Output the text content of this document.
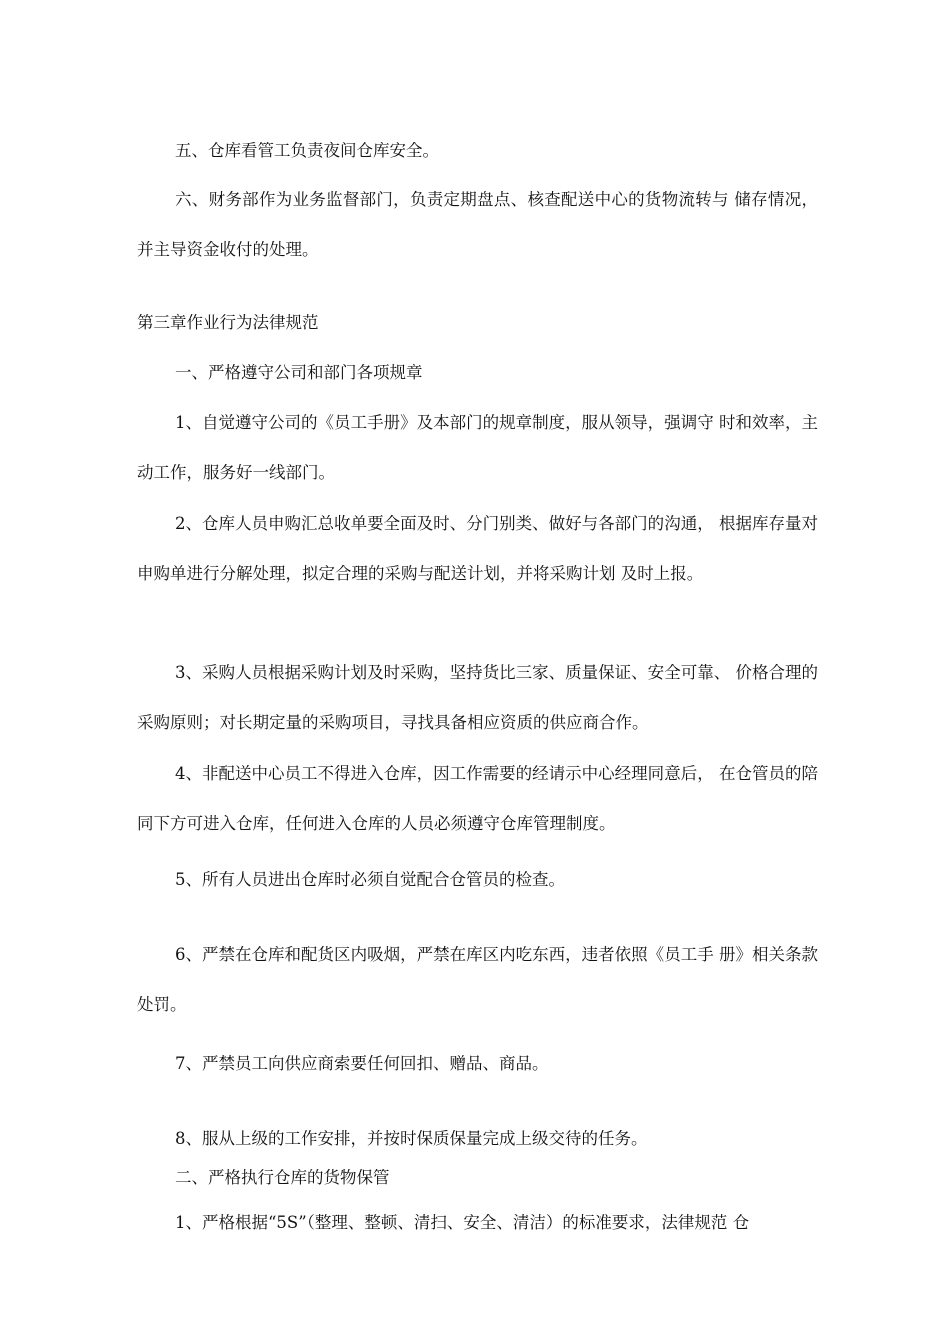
五、仓库看管工负责夜间仓库安全。

六、财务部作为业务监督部门，负责定期盘点、核查配送中心的货物流转与 储存情况，并主导资金收付的处理。

第三章作业行为法律规范

一、严格遵守公司和部门各项规章

1、自觉遵守公司的《员工手册》及本部门的规章制度，服从领导，强调守 时和效率，主动工作，服务好一线部门。

2、仓库人员申购汇总收单要全面及时、分门别类、做好与各部门的沟通， 根据库存量对申购单进行分解处理，拟定合理的采购与配送计划，并将采购计划 及时上报。

3、采购人员根据采购计划及时采购，坚持货比三家、质量保证、安全可靠、 价格合理的采购原则；对长期定量的采购项目，寻找具备相应资质的供应商合作。

4、非配送中心员工不得进入仓库，因工作需要的经请示中心经理同意后， 在仓管员的陪同下方可进入仓库，任何进入仓库的人员必须遵守仓库管理制度。

5、所有人员进出仓库时必须自觉配合仓管员的检查。

6、严禁在仓库和配货区内吸烟，严禁在库区内吃东西，违者依照《员工手 册》相关条款处罚。

7、严禁员工向供应商索要任何回扣、赠品、商品。

8、服从上级的工作安排，并按时保质保量完成上级交待的任务。

二、严格执行仓库的货物保管

1、严格根据“5S”（整理、整顿、清扫、安全、清洁）的标准要求，法律规范 仓
